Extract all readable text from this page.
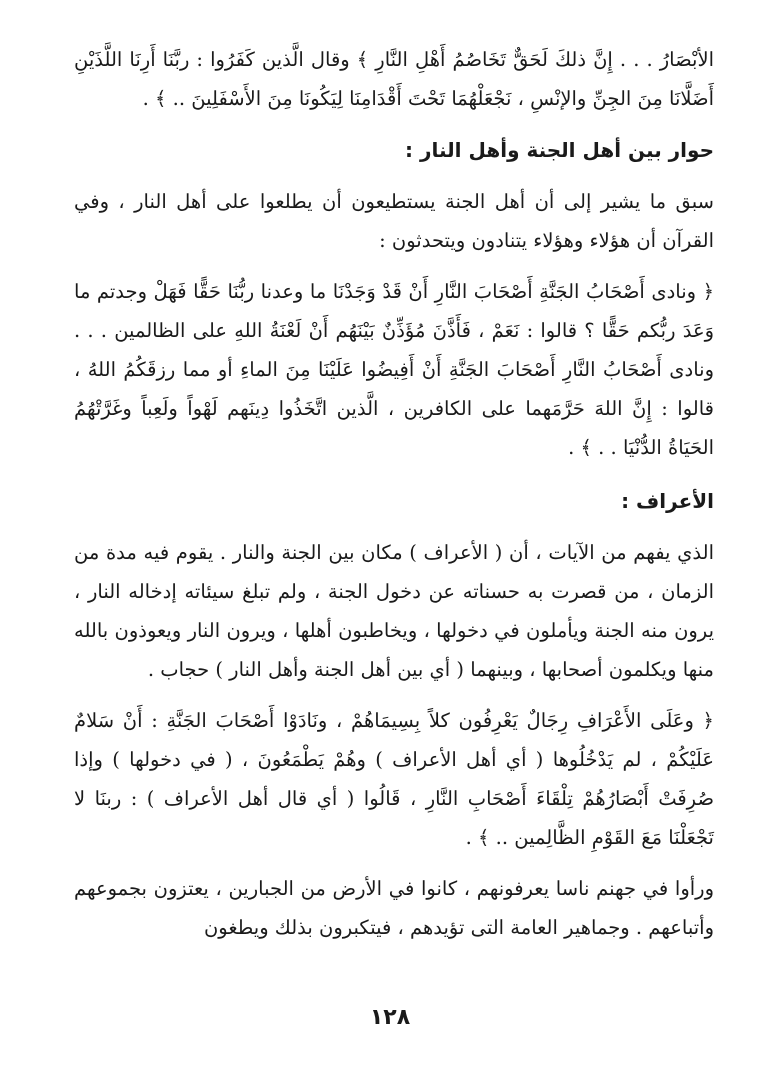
الأبْصَارُ . . . إِنَّ ذلكَ لَحَقٌّ تَخَاصُمُ أَهْلِ النَّارِ ﴾ وقال الَّذين كَفَرُوا : ربَّنَا أَرِنَا اللَّذَيْنِ أَضَلَّانَا مِنَ الجِنِّ والإنْسِ ، نَجْعَلْهُمَا تَحْتَ أَقْدَامِنَا لِيَكُونَا مِنَ الأَسْفَلِينَ .. ﴾ .

حوار بين أهل الجنة وأهل النار :

سبق ما يشير إلى أن أهل الجنة يستطيعون أن يطلعوا على أهل النار ، وفي القرآن أن هؤلاء وهؤلاء يتنادون ويتحدثون :

﴿ ونادى أَصْحَابُ الجَنَّةِ أَصْحَابَ النَّارِ أَنْ قَدْ وَجَدْنَا ما وعدنا ربُّنَا حَقًّا فَهَلْ وجدتم ما وَعَدَ ربُّكم حَقًّا ؟ قالوا : نَعَمْ ، فَأَذَّنَ مُؤَذِّنٌ بَيْنَهُم أَنْ لَعْنَةُ اللهِ على الظالمين . . . ونادى أَصْحَابُ النَّارِ أَصْحَابَ الجَنَّةِ أَنْ أَفِيضُوا عَلَيْنَا مِنَ الماءِ أو مما رزقَكُمُ اللهُ ، قالوا : إِنَّ اللهَ حَرَّمَهما على الكافرين ، الَّذين اتَّخَذُوا دِينَهم لَهْواً ولَعِباً وغَرَّتْهُمُ الحَيَاةُ الدُّنْيَا . . ﴾ .

الأعراف :

الذي يفهم من الآيات ، أن ( الأعراف ) مكان بين الجنة والنار . يقوم فيه مدة من الزمان ، من قصرت به حسناته عن دخول الجنة ، ولم تبلغ سيئاته إدخاله النار ، يرون منه الجنة ويأملون في دخولها ، ويخاطبون أهلها ، ويرون النار ويعوذون بالله منها ويكلمون أصحابها ، وبينهما ( أي بين أهل الجنة وأهل النار ) حجاب .

﴿ وعَلَى الأَعْرَافِ رِجَالٌ يَعْرِفُون كلاً بِسِيمَاهُمْ ، ونَادَوْا أَصْحَابَ الجَنَّةِ : أَنْ سَلامٌ عَلَيْكُمْ ، لم يَدْخُلُوها ( أي أهل الأعراف ) وهُمْ يَطْمَعُونَ ، ( في دخولها ) وإذا صُرِفَتْ أَبْصَارُهُمْ تِلْقَاءَ أَصْحَابِ النَّارِ ، قَالُوا ( أي قال أهل الأعراف ) : ربنَا لا تَجْعَلْنَا مَعَ القَوْمِ الظَّالِمين .. ﴾ .

ورأوا في جهنم ناسا يعرفونهم ، كانوا في الأرض من الجبارين ، يعتزون بجموعهم وأتباعهم . وجماهير العامة التى تؤيدهم ، فيتكبرون بذلك ويطغون

١٢٨
